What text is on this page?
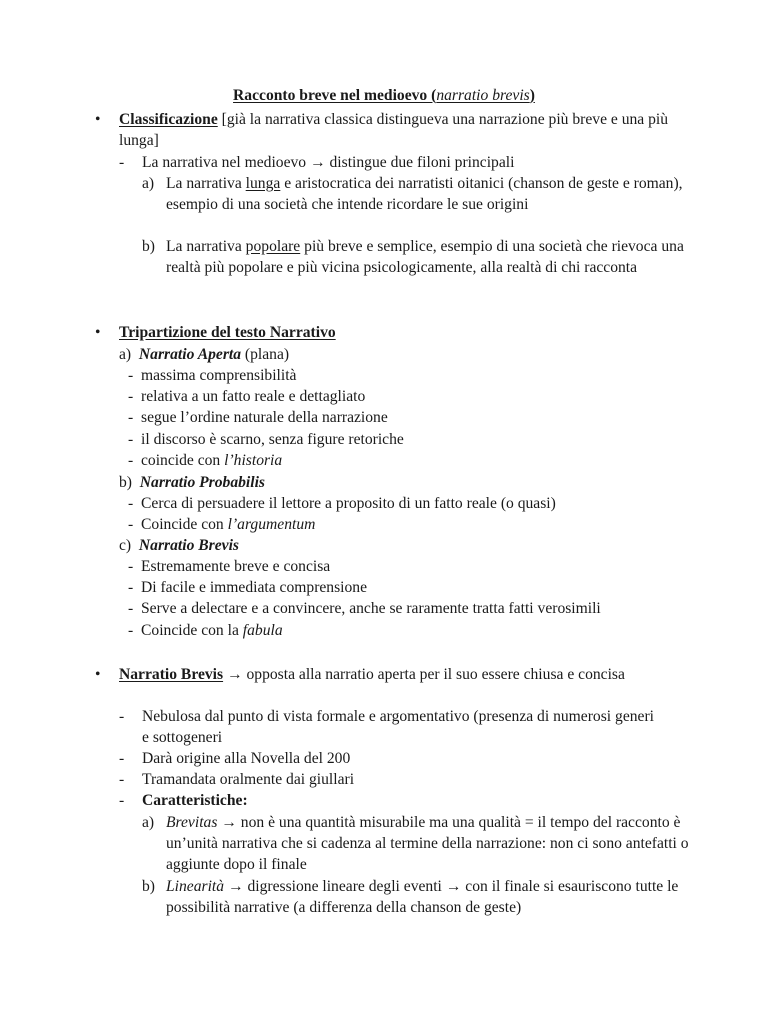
Racconto breve nel medioevo (narratio brevis)
• Classificazione [già la narrativa classica distingueva una narrazione più breve e una più lunga]
- La narrativa nel medioevo → distingue due filoni principali
a) La narrativa lunga e aristocratica dei narratisti oitanici (chanson de geste e roman), esempio di una società che intende ricordare le sue origini
b) La narrativa popolare più breve e semplice, esempio di una società che rievoca una realtà più popolare e più vicina psicologicamente, alla realtà di chi racconta
• Tripartizione del testo Narrativo
a) Narratio Aperta (plana)
- massima comprensibilità
- relativa a un fatto reale e dettagliato
- segue l’ordine naturale della narrazione
- il discorso è scarno, senza figure retoriche
- coincide con l’historia
b) Narratio Probabilis
- Cerca di persuadere il lettore a proposito di un fatto reale (o quasi)
- Coincide con l’argumentum
c) Narratio Brevis
- Estremamente breve e concisa
- Di facile e immediata comprensione
- Serve a delectare e a convincere, anche se raramente tratta fatti verosimili
- Coincide con la fabula
• Narratio Brevis → opposta alla narratio aperta per il suo essere chiusa e concisa
- Nebulosa dal punto di vista formale e argomentativo (presenza di numerosi generi e sottogeneri
- Darà origine alla Novella del 200
- Tramandata oralmente dai giullari
- Caratteristiche:
a) Brevitas → non è una quantità misurabile ma una qualità = il tempo del racconto è un’unità narrativa che si cadenza al termine della narrazione: non ci sono antefatti o aggiunte dopo il finale
b) Linearità → digressione lineare degli eventi → con il finale si esauriscono tutte le possibilità narrative (a differenza della chanson de geste)
